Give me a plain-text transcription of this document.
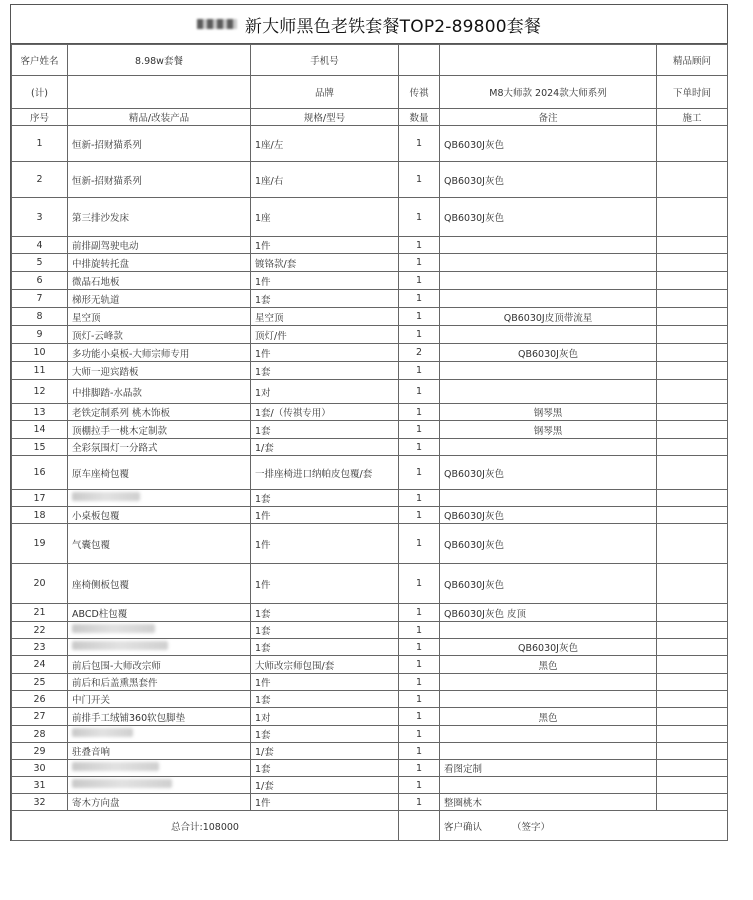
新大师黑色老铁套餐TOP2-89800套餐
客户姓名	8.98w套餐	手机号			精品顾问
(计)		品牌	传祺	M8大师款 2024款大师系列	下单时间
序号	精品/改装产品	规格/型号	数量	备注	施工
1	恒新-招财猫系列	1座/左	1	QB6030J灰色	
2	恒新-招财猫系列	1座/右	1	QB6030J灰色	
3	第三排沙发床	1座	1	QB6030J灰色	
4	前排副驾驶电动	1件	1		
5	中排旋转托盘	镀铬款/套	1		
6	微晶石地板	1件	1		
7	梯形无轨道	1套	1		
8	星空顶	星空顶	1	QB6030J皮顶带流星	
9	顶灯-云峰款	顶灯/件	1		
10	多功能小桌板-大师宗师专用	1件	2	QB6030J灰色	
11	大师一迎宾踏板	1套	1		
12	中排脚踏-水晶款	1对	1		
13	老铁定制系列 桃木饰板	1套/（传祺专用）	1	钢琴黑	
14	顶棚拉手一桃木定制款	1套	1	钢琴黑	
15	全彩氛围灯一分路式	1/套	1		
16	原车座椅包覆	一排座椅进口纳帕皮包覆/套	1	QB6030J灰色	
17		1套	1		
18	小桌板包覆	1件	1	QB6030J灰色	
19	气囊包覆	1件	1	QB6030J灰色	
20	座椅侧板包覆	1件	1	QB6030J灰色	
21	ABCD柱包覆	1套	1	QB6030J灰色 皮顶	
22		1套	1		
23		1套	1	QB6030J灰色	
24	前后包围-大师改宗师	大师改宗师包围/套	1	黑色	
25	前后和后盖熏黑套件	1件	1		
26	中门开关	1套	1		
27	前排手工绒铺360软包脚垫	1对	1	黑色	
28		1套	1		
29	驻叠音响	1/套	1		
30		1套	1	看图定制	
31		1/套	1		
32	寄木方向盘	1件	1	整圈桃木	
总合计:108000				客户确认 （签字）	
